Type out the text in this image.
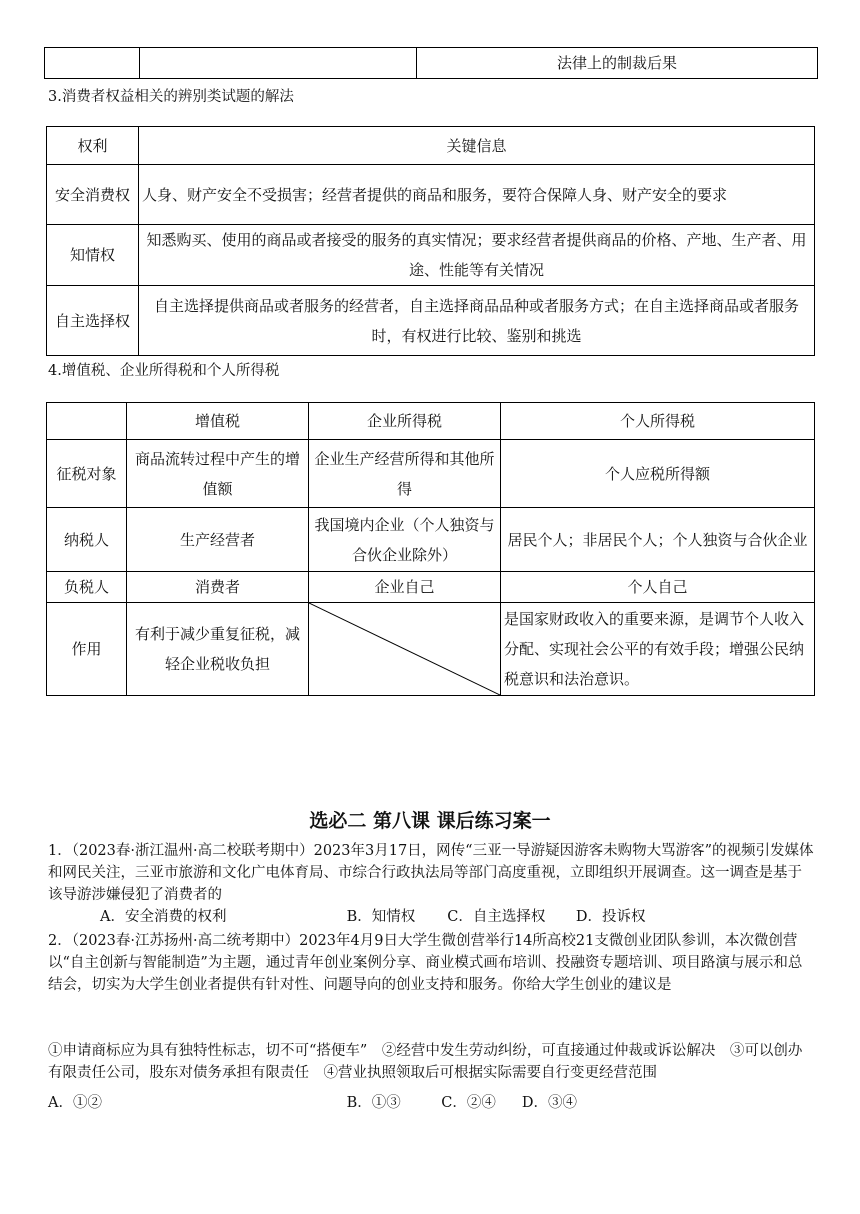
		法律上的制裁后果

3.消费者权益相关的辨别类试题的解法

权利	关键信息
安全消费权	人身、财产安全不受损害；经营者提供的商品和服务，要符合保障人身、财产安全的要求
知情权	知悉购买、使用的商品或者接受的服务的真实情况；要求经营者提供商品的价格、产地、生产者、用途、性能等有关情况
自主选择权	自主选择提供商品或者服务的经营者，自主选择商品品种或者服务方式；在自主选择商品或者服务时，有权进行比较、鉴别和挑选

4.增值税、企业所得税和个人所得税

	增值税	企业所得税	个人所得税
征税对象	商品流转过程中产生的增值额	企业生产经营所得和其他所得	个人应税所得额
纳税人	生产经营者	我国境内企业（个人独资与合伙企业除外）	居民个人；非居民个人；个人独资与合伙企业
负税人	消费者	企业自己	个人自己
作用	有利于减少重复征税，减轻企业税收负担		是国家财政收入的重要来源，是调节个人收入分配、实现社会公平的有效手段；增强公民纳税意识和法治意识。
选必二 第八课 课后练习案一

1．（2023春·浙江温州·高二校联考期中）2023年3月17日，网传“三亚一导游疑因游客未购物大骂游客”的视频引发媒体和网民关注，三亚市旅游和文化广电体育局、市综合行政执法局等部门高度重视，立即组织开展调查。这一调查是基于该导游涉嫌侵犯了消费者的

A．安全消费的权利	B．知情权 C．自主选择权 D．投诉权

2．（2023春·江苏扬州·高二统考期中）2023年4月9日大学生微创营举行14所高校21支微创业团队参训，本次微创营以“自主创新与智能制造”为主题，通过青年创业案例分享、商业模式画布培训、投融资专题培训、项目路演与展示和总结会，切实为大学生创业者提供有针对性、问题导向的创业支持和服务。你给大学生创业的建议是

①申请商标应为具有独特性标志，切不可“搭便车”　②经营中发生劳动纠纷，可直接通过仲裁或诉讼解决　③可以创办有限责任公司，股东对债务承担有限责任　④营业执照领取后可根据实际需要自行变更经营范围

A．①②	B．①③	C．②④ D．③④
